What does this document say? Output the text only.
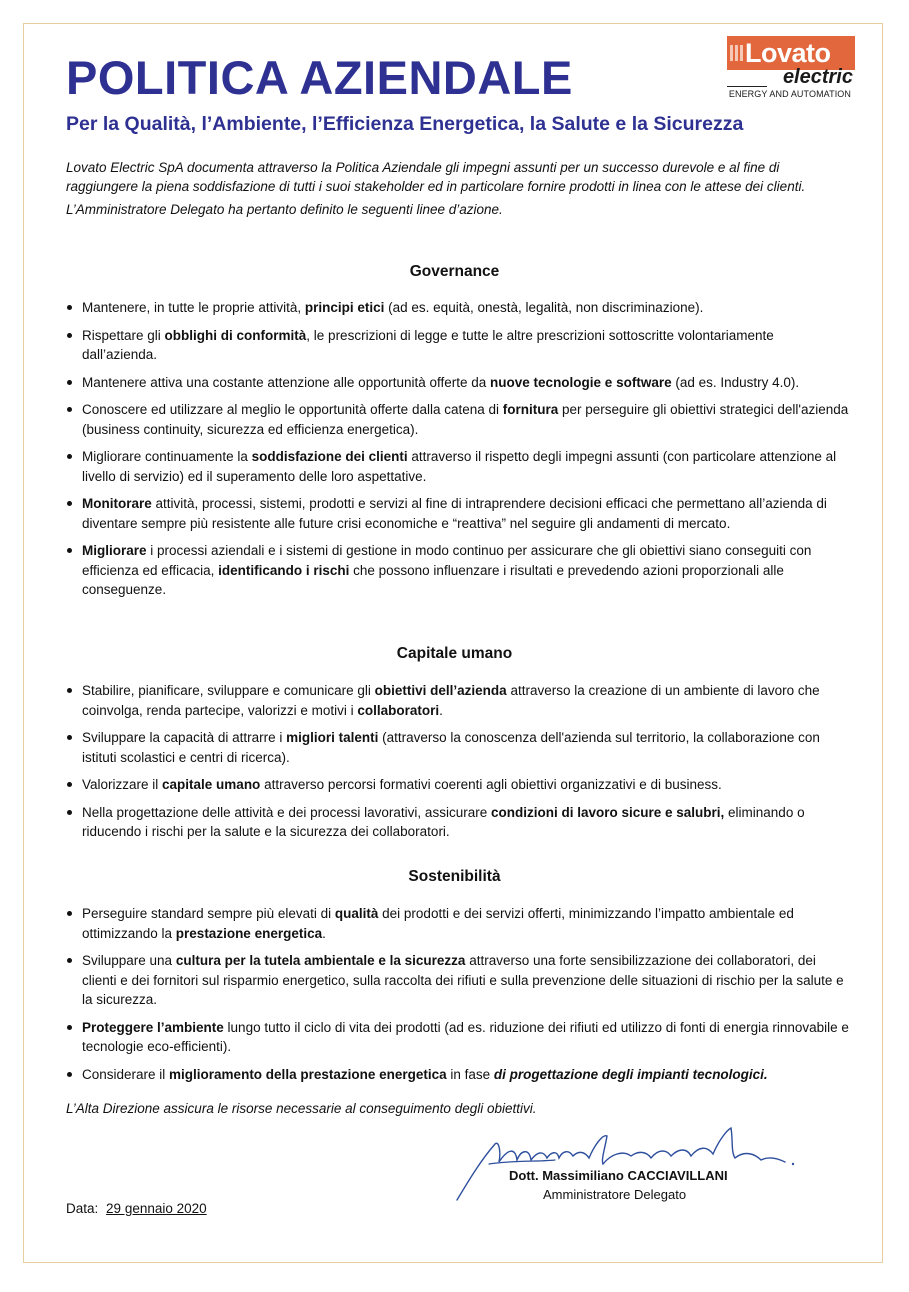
POLITICA AZIENDALE
Per la Qualità, l’Ambiente, l’Efficienza Energetica, la Salute e la Sicurezza
Lovato
electric
ENERGY AND AUTOMATION

Lovato Electric SpA documenta attraverso la Politica Aziendale gli impegni assunti per un successo durevole e al fine di raggiungere la piena soddisfazione di tutti i suoi stakeholder ed in particolare fornire prodotti in linea con le attese dei clienti.

L’Amministratore Delegato ha pertanto definito le seguenti linee d’azione.

Governance
Mantenere, in tutte le proprie attività, principi etici (ad es. equità, onestà, legalità, non discriminazione).
Rispettare gli obblighi di conformità, le prescrizioni di legge e tutte le altre prescrizioni sottoscritte volontariamente dall’azienda.
Mantenere attiva una costante attenzione alle opportunità offerte da nuove tecnologie e software (ad es. Industry 4.0).
Conoscere ed utilizzare al meglio le opportunità offerte dalla catena di fornitura per perseguire gli obiettivi strategici dell'azienda (business continuity, sicurezza ed efficienza energetica).
Migliorare continuamente la soddisfazione dei clienti attraverso il rispetto degli impegni assunti (con particolare attenzione al livello di servizio) ed il superamento delle loro aspettative.
Monitorare attività, processi, sistemi, prodotti e servizi al fine di intraprendere decisioni efficaci che permettano all’azienda di diventare sempre più resistente alle future crisi economiche e “reattiva” nel seguire gli andamenti di mercato.
Migliorare i processi aziendali e i sistemi di gestione in modo continuo per assicurare che gli obiettivi siano conseguiti con efficienza ed efficacia, identificando i rischi che possono influenzare i risultati e prevedendo azioni proporzionali alle conseguenze.
Capitale umano
Stabilire, pianificare, sviluppare e comunicare gli obiettivi dell’azienda attraverso la creazione di un ambiente di lavoro che coinvolga, renda partecipe, valorizzi e motivi i collaboratori.
Sviluppare la capacità di attrarre i migliori talenti (attraverso la conoscenza dell'azienda sul territorio, la collaborazione con istituti scolastici e centri di ricerca).
Valorizzare il capitale umano attraverso percorsi formativi coerenti agli obiettivi organizzativi e di business.
Nella progettazione delle attività e dei processi lavorativi, assicurare condizioni di lavoro sicure e salubri, eliminando o riducendo i rischi per la salute e la sicurezza dei collaboratori.
Sostenibilità
Perseguire standard sempre più elevati di qualità dei prodotti e dei servizi offerti, minimizzando l’impatto ambientale ed ottimizzando la prestazione energetica.
Sviluppare una cultura per la tutela ambientale e la sicurezza attraverso una forte sensibilizzazione dei collaboratori, dei clienti e dei fornitori sul risparmio energetico, sulla raccolta dei rifiuti e sulla prevenzione delle situazioni di rischio per la salute e la sicurezza.
Proteggere l’ambiente lungo tutto il ciclo di vita dei prodotti (ad es. riduzione dei rifiuti ed utilizzo di fonti di energia rinnovabile e tecnologie eco-efficienti).
Considerare il miglioramento della prestazione energetica in fase di progettazione degli impianti tecnologici.

L’Alta Direzione assicura le risorse necessarie al conseguimento degli obiettivi.

Dott. Massimiliano CACCIAVILLANI

Amministratore Delegato

Data: 29 gennaio 2020
